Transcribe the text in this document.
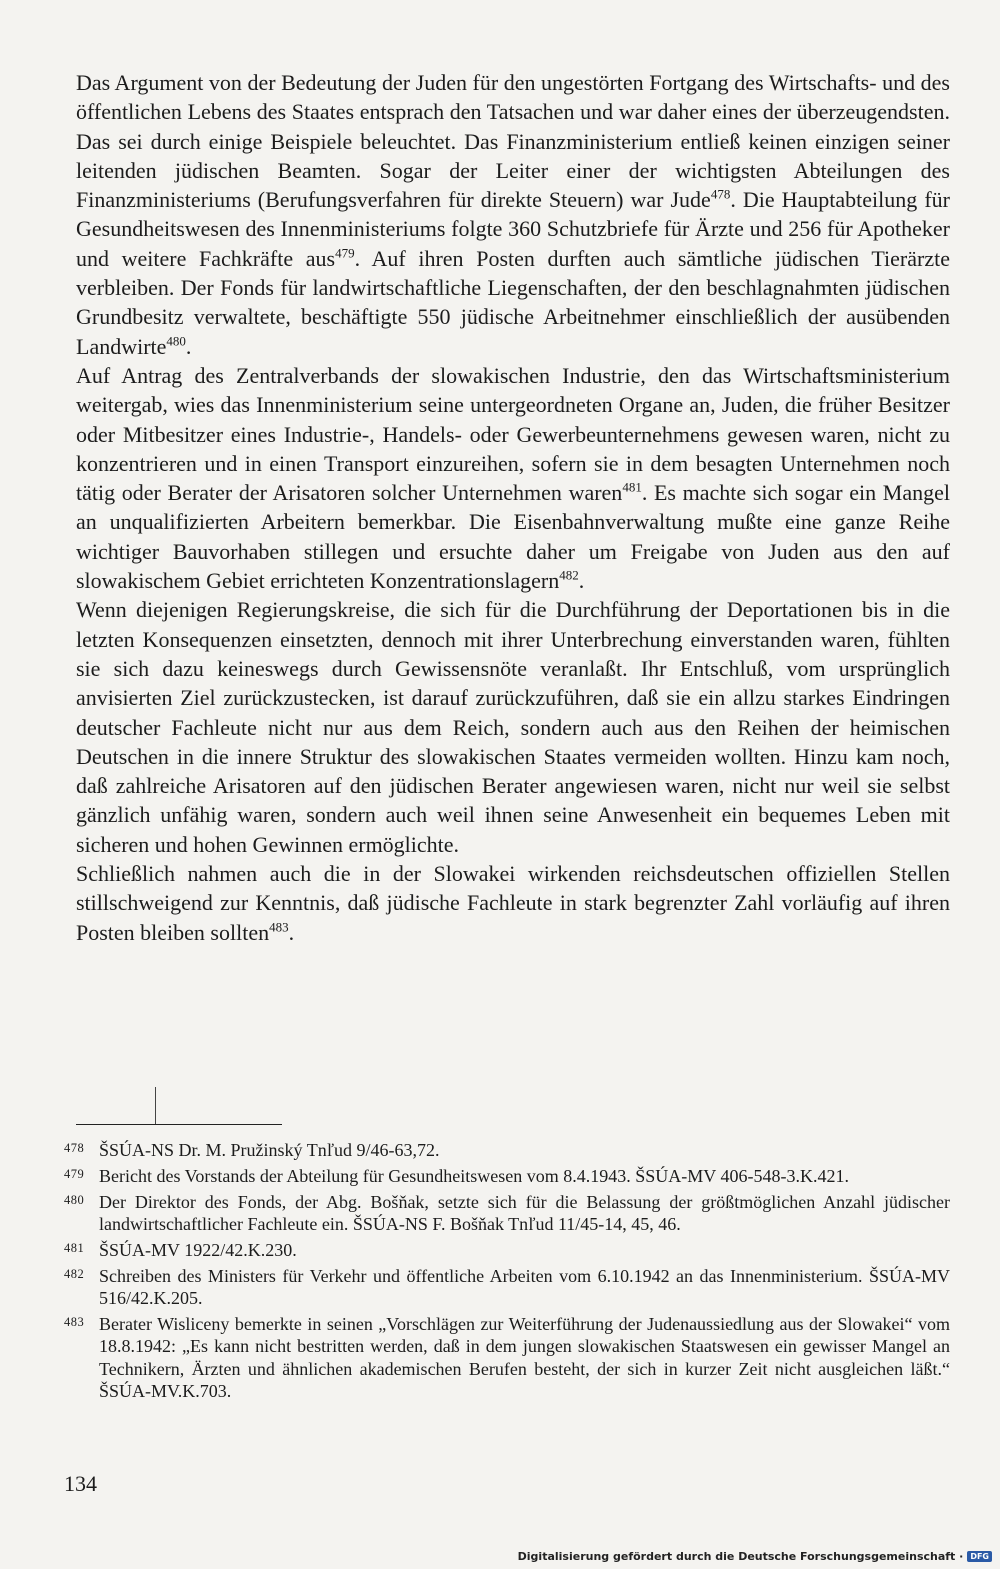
Das Argument von der Bedeutung der Juden für den ungestörten Fortgang des Wirtschafts- und des öffentlichen Lebens des Staates entsprach den Tatsachen und war daher eines der überzeugendsten. Das sei durch einige Beispiele beleuchtet. Das Finanzministerium entließ keinen einzigen seiner leitenden jüdischen Beamten. Sogar der Leiter einer der wichtigsten Abteilungen des Finanzministeriums (Berufungsverfahren für direkte Steuern) war Jude$^{478}$. Die Hauptabteilung für Gesundheitswesen des Innenministeriums folgte 360 Schutzbriefe für Ärzte und 256 für Apotheker und weitere Fachkräfte aus$^{479}$. Auf ihren Posten durften auch sämtliche jüdischen Tierärzte verbleiben. Der Fonds für landwirtschaftliche Liegenschaften, der den beschlagnahmten jüdischen Grundbesitz verwaltete, beschäftigte 550 jüdische Arbeitnehmer einschließlich der ausübenden Landwirte$^{480}$.

Auf Antrag des Zentralverbands der slowakischen Industrie, den das Wirtschaftsministerium weitergab, wies das Innenministerium seine untergeordneten Organe an, Juden, die früher Besitzer oder Mitbesitzer eines Industrie-, Handels- oder Gewerbeunternehmens gewesen waren, nicht zu konzentrieren und in einen Transport einzureihen, sofern sie in dem besagten Unternehmen noch tätig oder Berater der Arisatoren solcher Unternehmen waren$^{481}$. Es machte sich sogar ein Mangel an unqualifizierten Arbeitern bemerkbar. Die Eisenbahnverwaltung mußte eine ganze Reihe wichtiger Bauvorhaben stillegen und ersuchte daher um Freigabe von Juden aus den auf slowakischem Gebiet errichteten Konzentrationslagern$^{482}$.

Wenn diejenigen Regierungskreise, die sich für die Durchführung der Deportationen bis in die letzten Konsequenzen einsetzten, dennoch mit ihrer Unterbrechung einverstanden waren, fühlten sie sich dazu keineswegs durch Gewissensnöte veranlaßt. Ihr Entschluß, vom ursprünglich anvisierten Ziel zurückzustecken, ist darauf zurückzuführen, daß sie ein allzu starkes Eindringen deutscher Fachleute nicht nur aus dem Reich, sondern auch aus den Reihen der heimischen Deutschen in die innere Struktur des slowakischen Staates vermeiden wollten. Hinzu kam noch, daß zahlreiche Arisatoren auf den jüdischen Berater angewiesen waren, nicht nur weil sie selbst gänzlich unfähig waren, sondern auch weil ihnen seine Anwesenheit ein bequemes Leben mit sicheren und hohen Gewinnen ermöglichte.

Schließlich nahmen auch die in der Slowakei wirkenden reichsdeutschen offiziellen Stellen stillschweigend zur Kenntnis, daß jüdische Fachleute in stark begrenzter Zahl vorläufig auf ihren Posten bleiben sollten$^{483}$.

478 ŠSÚA-NS Dr. M. Pružinský Tnľud 9/46-63,72.
479 Bericht des Vorstands der Abteilung für Gesundheitswesen vom 8.4.1943. ŠSÚA-MV 406-548-3.K.421.
480 Der Direktor des Fonds, der Abg. Bošňak, setzte sich für die Belassung der größtmöglichen Anzahl jüdischer landwirtschaftlicher Fachleute ein. ŠSÚA-NS F. Bošňak Tnľud 11/45-14, 45, 46.
481 ŠSÚA-MV 1922/42.K.230.
482 Schreiben des Ministers für Verkehr und öffentliche Arbeiten vom 6.10.1942 an das Innenministerium. ŠSÚA-MV 516/42.K.205.
483 Berater Wisliceny bemerkte in seinen „Vorschlägen zur Weiterführung der Judenaussiedlung aus der Slowakei“ vom 18.8.1942: „Es kann nicht bestritten werden, daß in dem jungen slowakischen Staatswesen ein gewisser Mangel an Technikern, Ärzten und ähnlichen akademischen Berufen besteht, der sich in kurzer Zeit nicht ausgleichen läßt.“ ŠSÚA-MV.K.703.
134
Digitalisierung gefördert durch die Deutsche Forschungsgemeinschaft · DFG
